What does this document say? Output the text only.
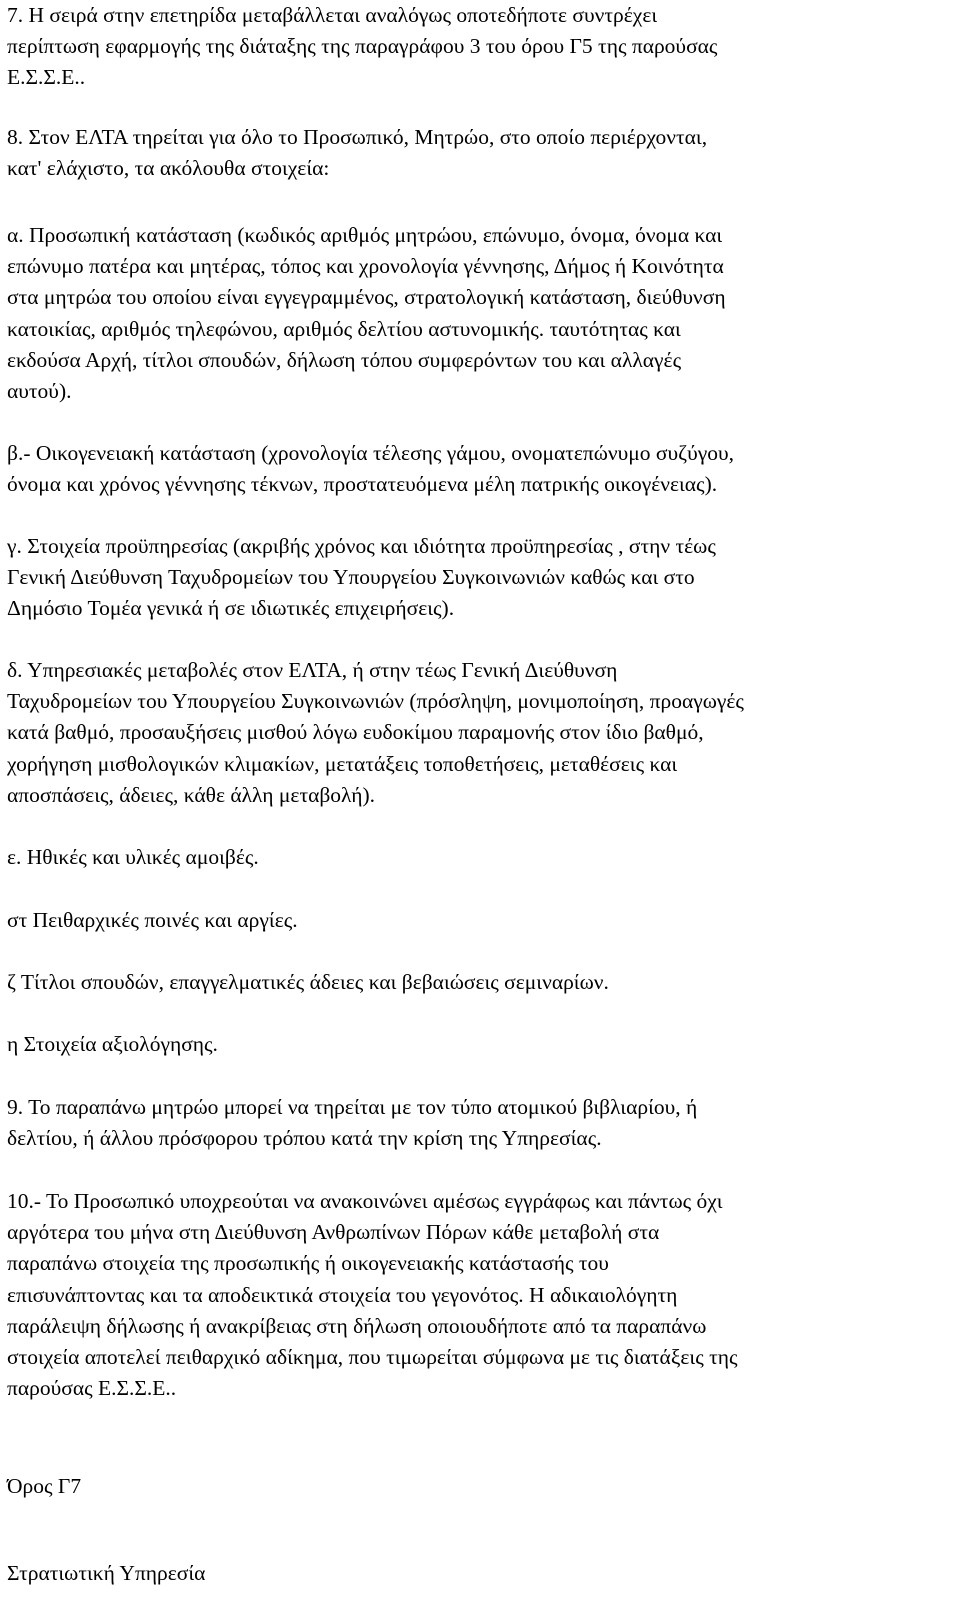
7. Η σειρά στην επετηρίδα μεταβάλλεται αναλόγως οποτεδήποτε συντρέχει
περίπτωση εφαρμογής της διάταξης της παραγράφου 3 του όρου Γ5 της παρούσας
Ε.Σ.Σ.Ε..

8. Στον ΕΛΤΑ τηρείται για όλο το Προσωπικό, Μητρώο, στο οποίο περιέρχονται,
κατ' ελάχιστο, τα ακόλουθα στοιχεία:

α. Προσωπική κατάσταση (κωδικός αριθμός μητρώου, επώνυμο, όνομα, όνομα και
επώνυμο πατέρα και μητέρας, τόπος και χρονολογία γέννησης, Δήμος ή Κοινότητα
στα μητρώα του οποίου είναι εγγεγραμμένος, στρατολογική κατάσταση, διεύθυνση
κατοικίας, αριθμός τηλεφώνου, αριθμός δελτίου αστυνομικής. ταυτότητας και
εκδούσα Αρχή, τίτλοι σπουδών, δήλωση τόπου συμφερόντων του και αλλαγές
αυτού).

β.- Οικογενειακή κατάσταση (χρονολογία τέλεσης γάμου, ονοματεπώνυμο συζύγου,
όνομα και χρόνος γέννησης τέκνων, προστατευόμενα μέλη πατρικής οικογένειας).

γ. Στοιχεία προϋπηρεσίας (ακριβής χρόνος και ιδιότητα προϋπηρεσίας , στην τέως
Γενική Διεύθυνση Ταχυδρομείων του Υπουργείου Συγκοινωνιών καθώς και στο
Δημόσιο Τομέα γενικά ή σε ιδιωτικές επιχειρήσεις).

δ. Υπηρεσιακές μεταβολές στον ΕΛΤΑ, ή στην τέως Γενική Διεύθυνση
Ταχυδρομείων του Υπουργείου Συγκοινωνιών (πρόσληψη, μονιμοποίηση, προαγωγές
κατά βαθμό, προσαυξήσεις μισθού λόγω ευδοκίμου παραμονής στον ίδιο βαθμό,
χορήγηση μισθολογικών κλιμακίων, μετατάξεις τοποθετήσεις, μεταθέσεις και
αποσπάσεις, άδειες, κάθε άλλη μεταβολή).

ε. Ηθικές και υλικές αμοιβές.

στ Πειθαρχικές ποινές και αργίες.

ζ Τίτλοι σπουδών, επαγγελματικές άδειες και βεβαιώσεις σεμιναρίων.

η Στοιχεία αξιολόγησης.

9. Το παραπάνω μητρώο μπορεί να τηρείται με τον τύπο ατομικού βιβλιαρίου, ή
δελτίου, ή άλλου πρόσφορου τρόπου κατά την κρίση της Υπηρεσίας.

10.- Το Προσωπικό υποχρεούται να ανακοινώνει αμέσως εγγράφως και πάντως όχι
αργότερα του μήνα στη Διεύθυνση Ανθρωπίνων Πόρων κάθε μεταβολή στα
παραπάνω στοιχεία της προσωπικής ή οικογενειακής κατάστασής του
επισυνάπτοντας και τα αποδεικτικά στοιχεία του γεγονότος. Η αδικαιολόγητη
παράλειψη δήλωσης ή ανακρίβειας στη δήλωση οποιουδήποτε από τα παραπάνω
στοιχεία αποτελεί πειθαρχικό αδίκημα, που τιμωρείται σύμφωνα με τις διατάξεις της
παρούσας Ε.Σ.Σ.Ε..

Όρος Γ7

Στρατιωτική Υπηρεσία
